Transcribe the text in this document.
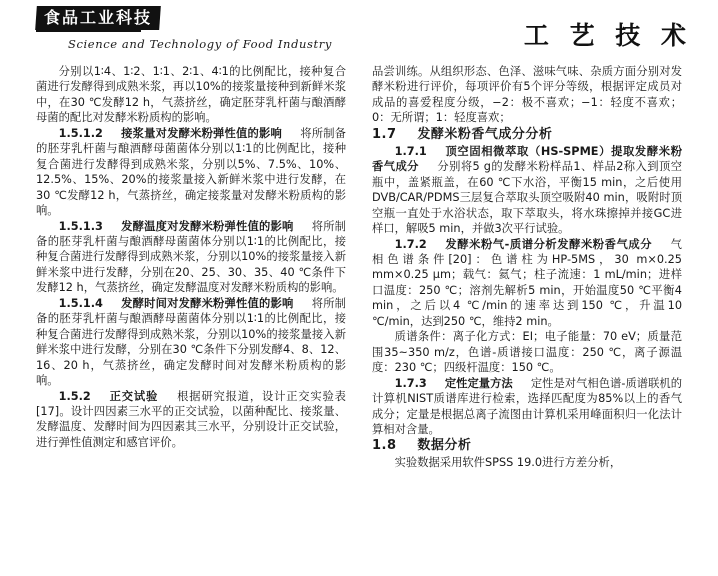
食品工业科技
Science and Technology of Food Industry	工 艺 技 术

分别以1∶4、1∶2、1∶1、2∶1、4∶1的比例配比，接种复合菌进行发酵得到成熟米浆，再以10%的接浆量接种到新鲜米浆中，在30 ℃发酵12 h，气蒸挤丝，确定胚芽乳杆菌与酿酒酵母菌的配比对发酵米粉质构的影响。

1.5.1.2 接浆量对发酵米粉弹性值的影响 将所制备的胚芽乳杆菌与酿酒酵母菌菌体分别以1∶1的比例配比，接种复合菌进行发酵得到成熟米浆，分别以5%、7.5%、10%、12.5%、15%、20%的接浆量接入新鲜米浆中进行发酵，在30 ℃发酵12 h，气蒸挤丝，确定接浆量对发酵米粉质构的影响。

1.5.1.3 发酵温度对发酵米粉弹性值的影响 将所制备的胚芽乳杆菌与酿酒酵母菌菌体分别以1∶1的比例配比，接种复合菌进行发酵得到成熟米浆，分别以10%的接浆量接入新鲜米浆中进行发酵，分别在20、25、30、35、40 ℃条件下发酵12 h，气蒸挤丝，确定发酵温度对发酵米粉质构的影响。

1.5.1.4 发酵时间对发酵米粉弹性值的影响 将所制备的胚芽乳杆菌与酿酒酵母菌菌体分别以1∶1的比例配比，接种复合菌进行发酵得到成熟米浆，分别以10%的接浆量接入新鲜米浆中进行发酵，分别在30 ℃条件下分别发酵4、8、12、16、20 h，气蒸挤丝，确定发酵时间对发酵米粉质构的影响。

1.5.2 正交试验 根据研究报道，设计正交实验表[17]。设计四因素三水平的正交试验，以菌种配比、接浆量、发酵温度、发酵时间为四因素其三水平，分别设计正交试验，进行弹性值测定和感官评价。

品尝训练。从组织形态、色泽、滋味气味、杂质方面分别对发酵米粉进行评价，每项评价有5个评分等级，根据评定成员对成品的喜爱程度分级，−2：极不喜欢；−1：轻度不喜欢；0：无所谓；1：轻度喜欢；

1.7 发酵米粉香气成分分析

1.7.1 顶空固相微萃取（HS-SPME）提取发酵米粉香气成分 分别将5 g的发酵米粉样品1、样品2称入到顶空瓶中，盖紧瓶盖，在60 ℃下水浴，平衡15 min，之后使用DVB/CAR/PDMS三层复合萃取头顶空吸附40 min，吸附时顶空瓶一直处于水浴状态，取下萃取头，将水珠擦掉并接GC进样口，解吸5 min，并做3次平行试验。

1.7.2 发酵米粉气-质谱分析发酵米粉香气成分 气相色谱条件[20]：色谱柱为HP-5MS，30 m×0.25 mm×0.25 μm；载气：氦气；柱子流速：1 mL/min；进样口温度：250 ℃；溶剂先解析5 min，开始温度50 ℃平衡4 min，之后以4 ℃/min的速率达到150 ℃，升温10 ℃/min，达到250 ℃，维持2 min。

质谱条件：离子化方式：EI；电子能量：70 eV；质量范围35~350 m/z，色谱-质谱接口温度：250 ℃，离子源温度：230 ℃；四级杆温度：150 ℃。

1.7.3 定性定量方法 定性是对气相色谱-质谱联机的计算机NIST质谱库进行检索，选择匹配度为85%以上的香气成分；定量是根据总离子流图由计算机采用峰面积归一化法计算相对含量。

1.8 数据分析

实验数据采用软件SPSS 19.0进行方差分析，
